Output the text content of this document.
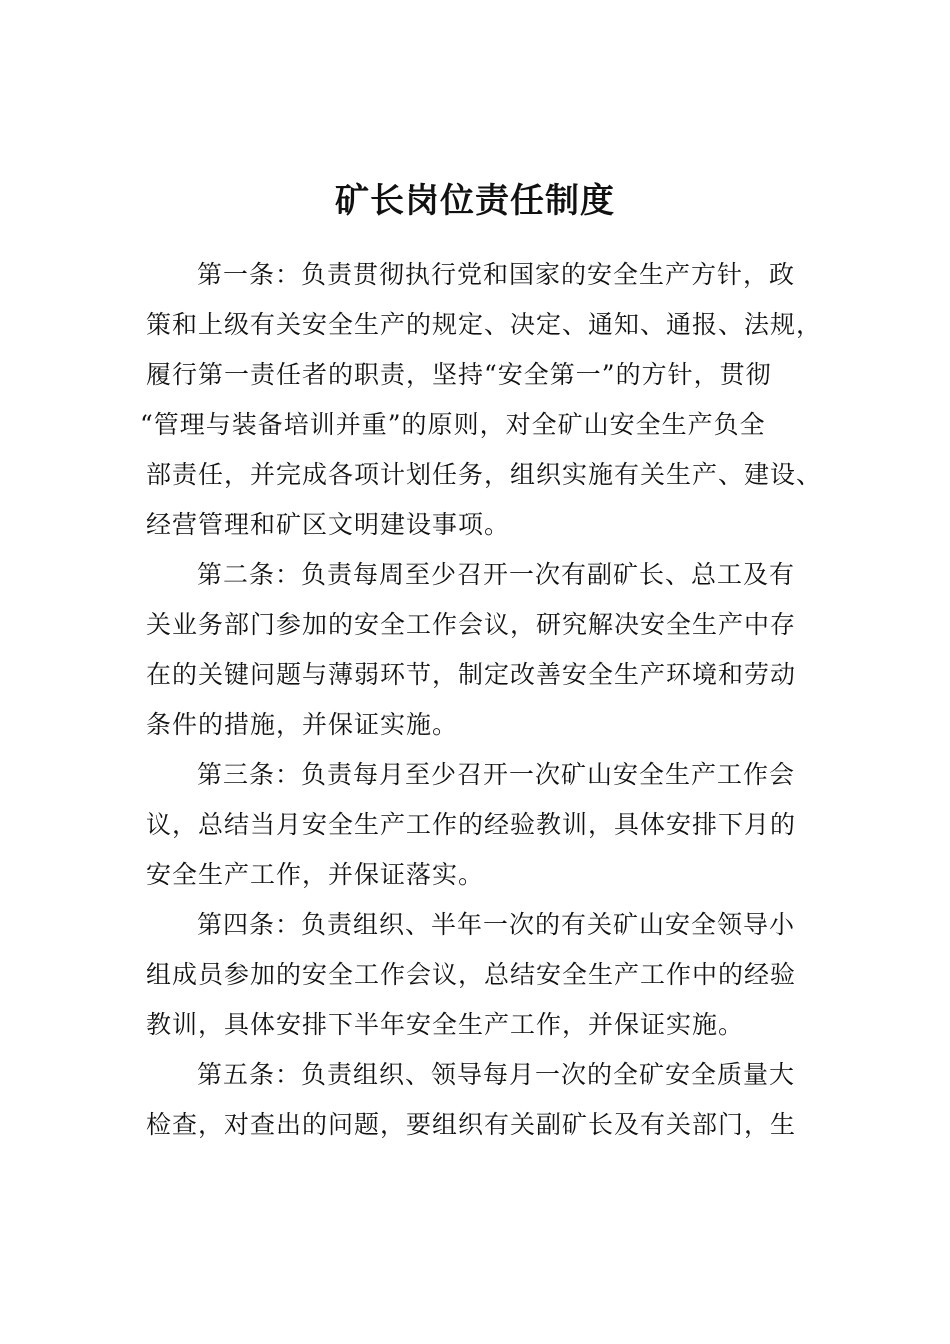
矿长岗位责任制度
第一条：负责贯彻执行党和国家的安全生产方针，政
策和上级有关安全生产的规定、决定、通知、通报、法规，
履行第一责任者的职责，坚持“安全第一”的方针，贯彻
“管理与装备培训并重”的原则，对全矿山安全生产负全
部责任，并完成各项计划任务，组织实施有关生产、建设、
经营管理和矿区文明建设事项。
第二条：负责每周至少召开一次有副矿长、总工及有
关业务部门参加的安全工作会议，研究解决安全生产中存
在的关键问题与薄弱环节，制定改善安全生产环境和劳动
条件的措施，并保证实施。
第三条：负责每月至少召开一次矿山安全生产工作会
议，总结当月安全生产工作的经验教训，具体安排下月的
安全生产工作，并保证落实。
第四条：负责组织、半年一次的有关矿山安全领导小
组成员参加的安全工作会议，总结安全生产工作中的经验
教训，具体安排下半年安全生产工作，并保证实施。
第五条：负责组织、领导每月一次的全矿安全质量大
检查，对查出的问题，要组织有关副矿长及有关部门，生
